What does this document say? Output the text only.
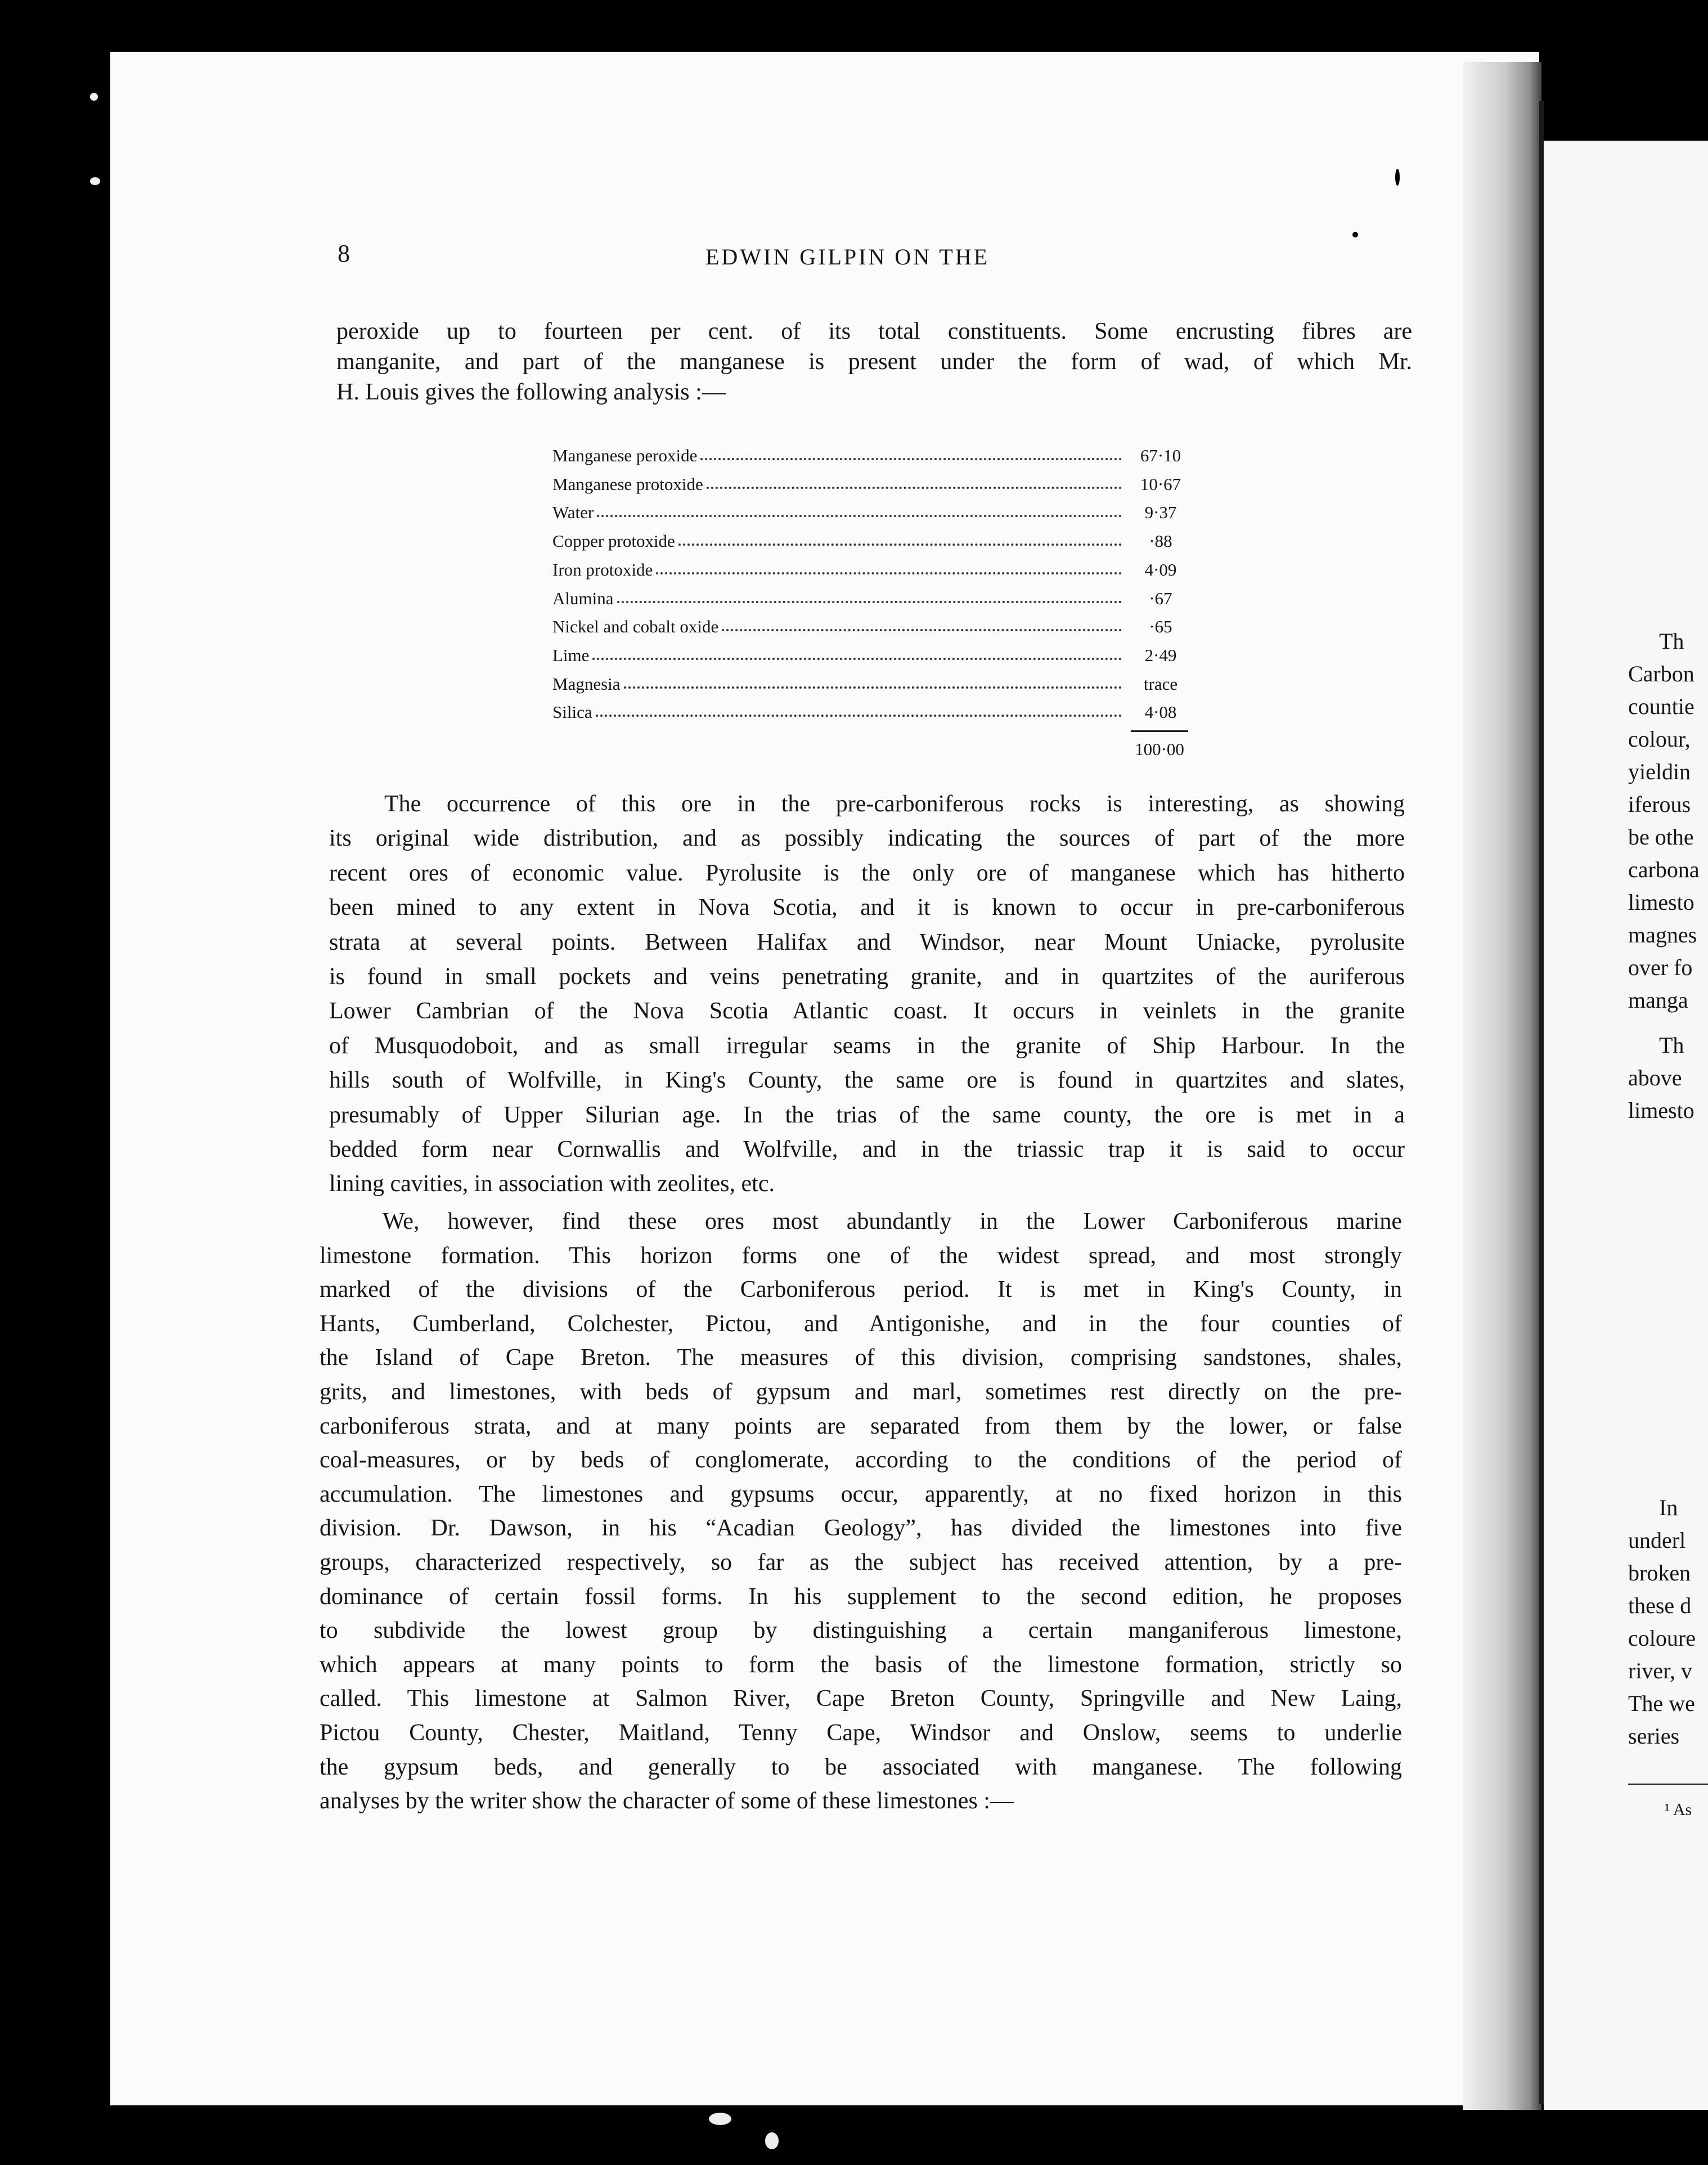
Th
Carbon
countie
colour,
yieldin
iferous
be othe
carbona
limesto
magnes
over fo
manga
Th
above
limesto
In
underl
broken
these d
coloure
river, v
The we
series
¹ As
8	EDWIN GILPIN ON THE
peroxide up to fourteen per cent. of its total constituents. Some encrusting fibres are
manganite, and part of the manganese is present under the form of wad, of which Mr.
H. Louis gives the following analysis :—
Manganese peroxide	67·10
Manganese protoxide	10·67
Water	9·37
Copper protoxide	·88
Iron protoxide	4·09
Alumina	·67
Nickel and cobalt oxide	·65
Lime	2·49
Magnesia	trace
Silica	4·08
100·00
The occurrence of this ore in the pre-carboniferous rocks is interesting, as showing
its original wide distribution, and as possibly indicating the sources of part of the more
recent ores of economic value. Pyrolusite is the only ore of manganese which has hitherto
been mined to any extent in Nova Scotia, and it is known to occur in pre-carboniferous
strata at several points. Between Halifax and Windsor, near Mount Uniacke, pyrolusite
is found in small pockets and veins penetrating granite, and in quartzites of the auriferous
Lower Cambrian of the Nova Scotia Atlantic coast. It occurs in veinlets in the granite
of Musquodoboit, and as small irregular seams in the granite of Ship Harbour. In the
hills south of Wolfville, in King's County, the same ore is found in quartzites and slates,
presumably of Upper Silurian age. In the trias of the same county, the ore is met in a
bedded form near Cornwallis and Wolfville, and in the triassic trap it is said to occur
lining cavities, in association with zeolites, etc.
We, however, find these ores most abundantly in the Lower Carboniferous marine
limestone formation. This horizon forms one of the widest spread, and most strongly
marked of the divisions of the Carboniferous period. It is met in King's County, in
Hants, Cumberland, Colchester, Pictou, and Antigonishe, and in the four counties of
the Island of Cape Breton. The measures of this division, comprising sandstones, shales,
grits, and limestones, with beds of gypsum and marl, sometimes rest directly on the pre-
carboniferous strata, and at many points are separated from them by the lower, or false
coal-measures, or by beds of conglomerate, according to the conditions of the period of
accumulation. The limestones and gypsums occur, apparently, at no fixed horizon in this
division. Dr. Dawson, in his “Acadian Geology”, has divided the limestones into five
groups, characterized respectively, so far as the subject has received attention, by a pre-
dominance of certain fossil forms. In his supplement to the second edition, he proposes
to subdivide the lowest group by distinguishing a certain manganiferous limestone,
which appears at many points to form the basis of the limestone formation, strictly so
called. This limestone at Salmon River, Cape Breton County, Springville and New Laing,
Pictou County, Chester, Maitland, Tenny Cape, Windsor and Onslow, seems to underlie
the gypsum beds, and generally to be associated with manganese. The following
analyses by the writer show the character of some of these limestones :—
